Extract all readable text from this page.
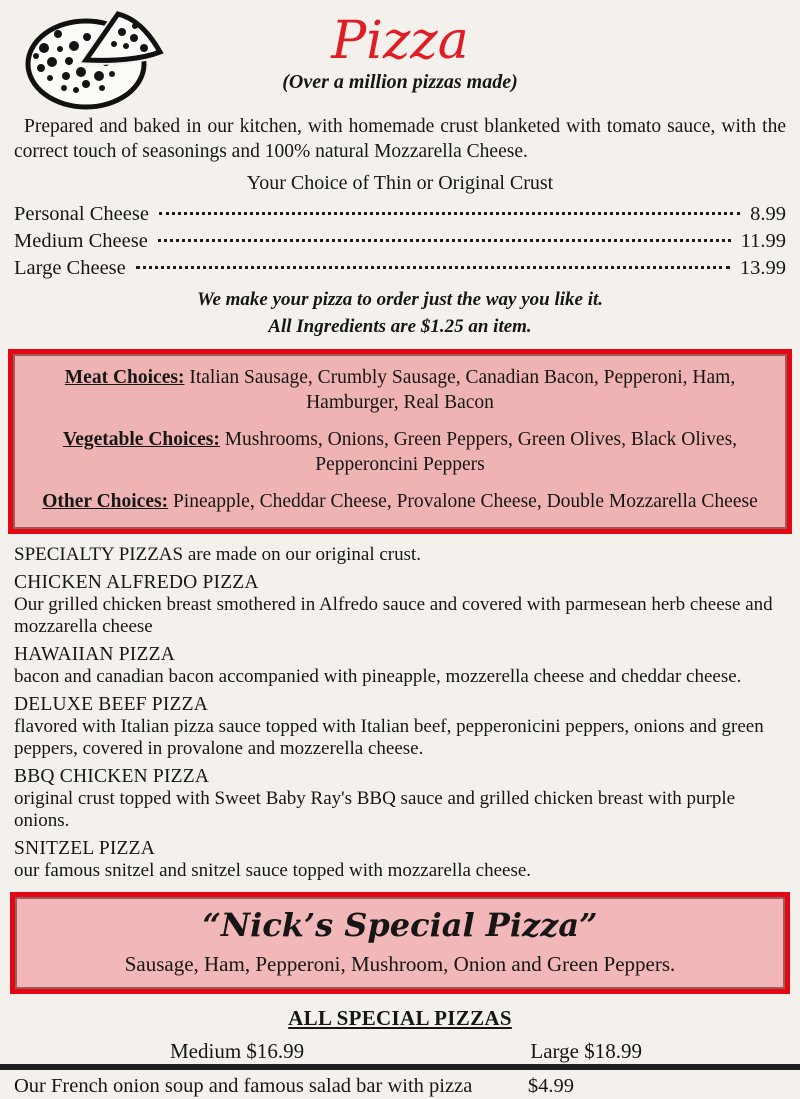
Pizza
(Over a million pizzas made)
Prepared and baked in our kitchen, with homemade crust blanketed with tomato sauce, with the correct touch of seasonings and 100% natural Mozzarella Cheese.
Your Choice of Thin or Original Crust
Personal Cheese	8.99
Medium Cheese	11.99
Large Cheese	13.99
We make your pizza to order just the way you like it.
All Ingredients are $1.25 an item.
Meat Choices: Italian Sausage, Crumbly Sausage, Canadian Bacon, Pepperoni, Ham, Hamburger, Real Bacon
Vegetable Choices: Mushrooms, Onions, Green Peppers, Green Olives, Black Olives, Pepperoncini Peppers
Other Choices: Pineapple, Cheddar Cheese, Provalone Cheese, Double Mozzarella Cheese
SPECIALTY PIZZAS are made on our original crust.
CHICKEN ALFREDO PIZZA
Our grilled chicken breast smothered in Alfredo sauce and covered with parmesean herb cheese and mozzarella cheese
HAWAIIAN PIZZA
bacon and canadian bacon accompanied with pineapple, mozzerella cheese and cheddar cheese.
DELUXE BEEF PIZZA
flavored with Italian pizza sauce topped with Italian beef, pepperonicini peppers, onions and green peppers, covered in provalone and mozzerella cheese.
BBQ CHICKEN PIZZA
original crust topped with Sweet Baby Ray's BBQ sauce and grilled chicken breast with purple onions.
SNITZEL PIZZA
our famous snitzel and snitzel sauce topped with mozzarella cheese.
“Nick’s Special Pizza”
Sausage, Ham, Pepperoni, Mushroom, Onion and Green Peppers.
ALL SPECIAL PIZZAS
Medium $16.99	Large $18.99
Our French onion soup and famous salad bar with pizza	$4.99
